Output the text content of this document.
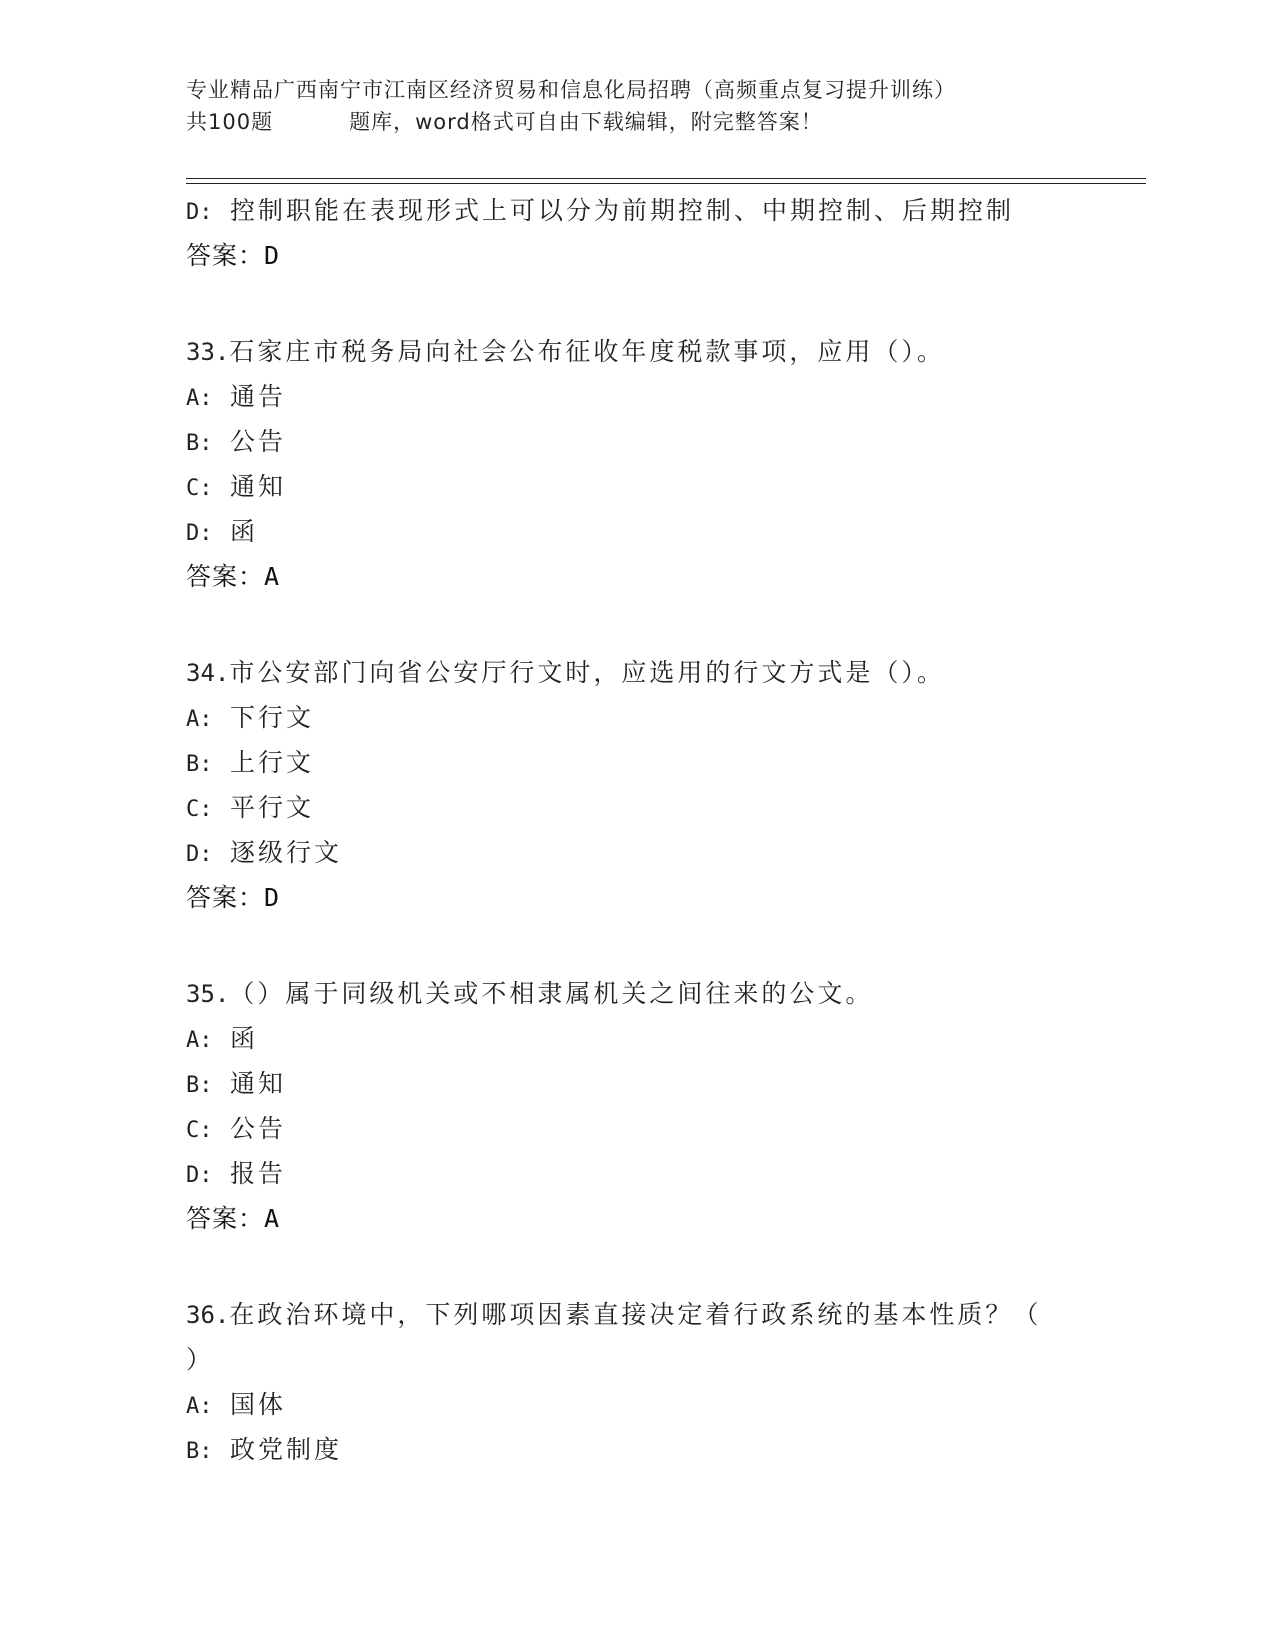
专业精品广西南宁市江南区经济贸易和信息化局招聘（高频重点复习提升训练）
共100题	题库，word格式可自由下载编辑，附完整答案！
D: 控制职能在表现形式上可以分为前期控制、中期控制、后期控制
答案：D
33.石家庄市税务局向社会公布征收年度税款事项，应用（）。
A: 通告
B: 公告
C: 通知
D: 函
答案：A
34.市公安部门向省公安厅行文时，应选用的行文方式是（）。
A: 下行文
B: 上行文
C: 平行文
D: 逐级行文
答案：D
35.（）属于同级机关或不相隶属机关之间往来的公文。
A: 函
B: 通知
C: 公告
D: 报告
答案：A
36.在政治环境中，下列哪项因素直接决定着行政系统的基本性质？（
）
A: 国体
B: 政党制度
